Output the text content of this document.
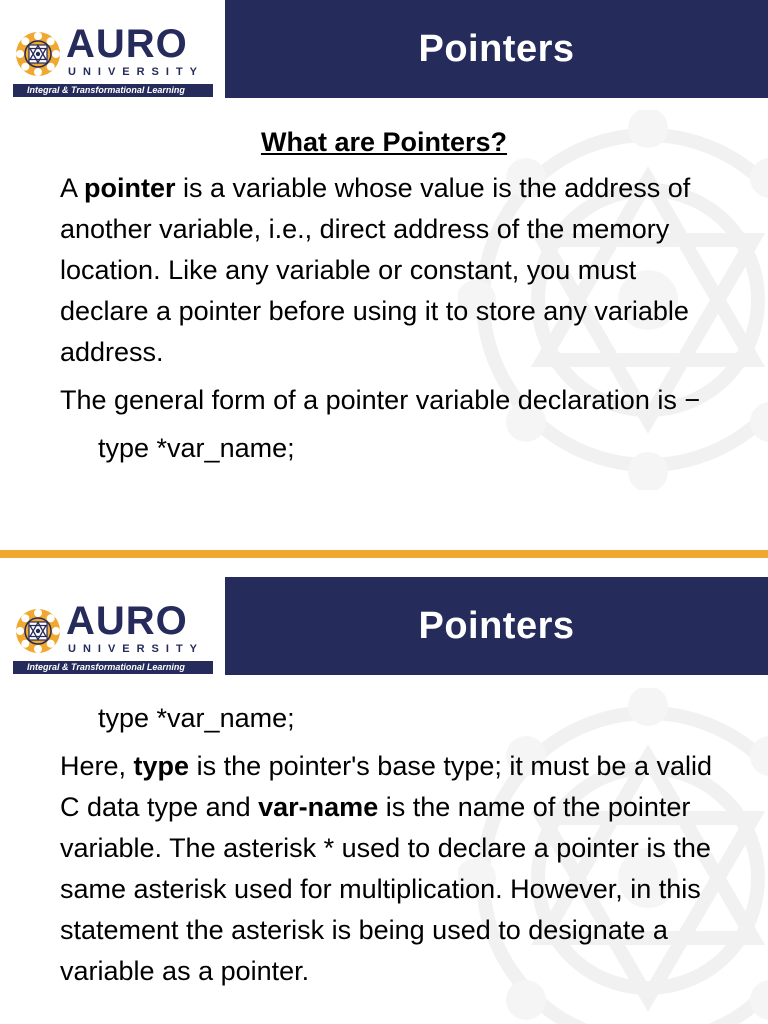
AURO
UNIVERSITY
Integral & Transformational Learning
Pointers
What are Pointers?

A pointer is a variable whose value is the address of another variable, i.e., direct address of the memory location. Like any variable or constant, you must declare a pointer before using it to store any variable address.

The general form of a pointer variable declaration is −

type *var_name;

AURO
UNIVERSITY
Integral & Transformational Learning
Pointers

type *var_name;

Here, type is the pointer's base type; it must be a valid C data type and var-name is the name of the pointer variable. The asterisk * used to declare a pointer is the same asterisk used for multiplication. However, in this statement the asterisk is being used to designate a variable as a pointer.
